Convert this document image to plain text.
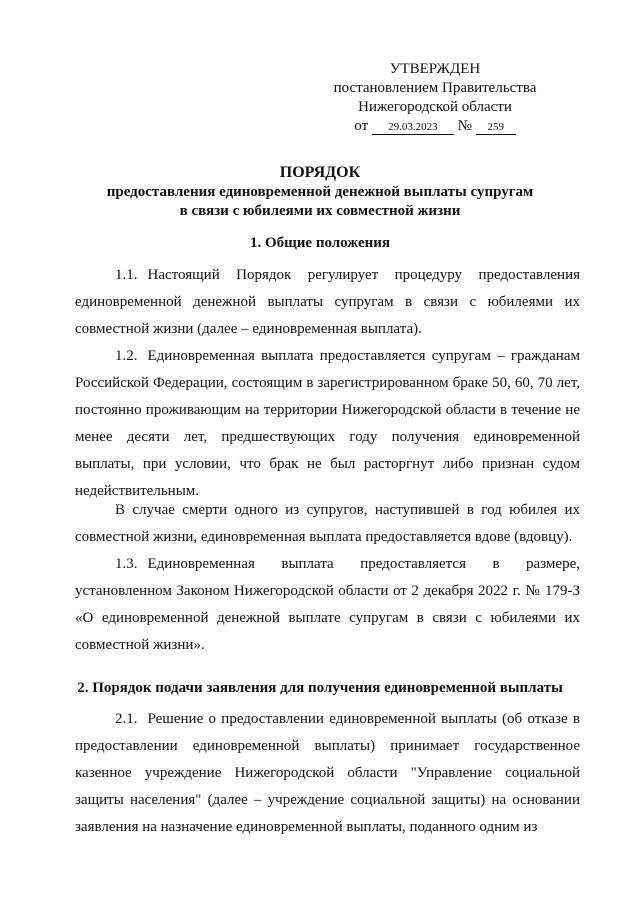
УТВЕРЖДЕН
постановлением Правительства
Нижегородской области
от 29.03.2023 № 259
ПОРЯДОК
предоставления единовременной денежной выплаты супругам
в связи с юбилеями их совместной жизни
1. Общие положения

1.1. Настоящий Порядок регулирует процедуру предоставления единовременной денежной выплаты супругам в связи с юбилеями их совместной жизни (далее – единовременная выплата).

1.2. Единовременная выплата предоставляется супругам – гражданам Российской Федерации, состоящим в зарегистрированном браке 50, 60, 70 лет, постоянно проживающим на территории Нижегородской области в течение не менее десяти лет, предшествующих году получения единовременной выплаты, при условии, что брак не был расторгнут либо признан судом недействительным.

В случае смерти одного из супругов, наступившей в год юбилея их совместной жизни, единовременная выплата предоставляется вдове (вдовцу).

1.3. Единовременная выплата предоставляется в размере, установленном Законом Нижегородской области от 2 декабря 2022 г. № 179-З «О единовременной денежной выплате супругам в связи с юбилеями их совместной жизни».

2. Порядок подачи заявления для получения единовременной выплаты

2.1. Решение о предоставлении единовременной выплаты (об отказе в предоставлении единовременной выплаты) принимает государственное казенное учреждение Нижегородской области "Управление социальной защиты населения" (далее – учреждение социальной защиты) на основании заявления на назначение единовременной выплаты, поданного одним из
